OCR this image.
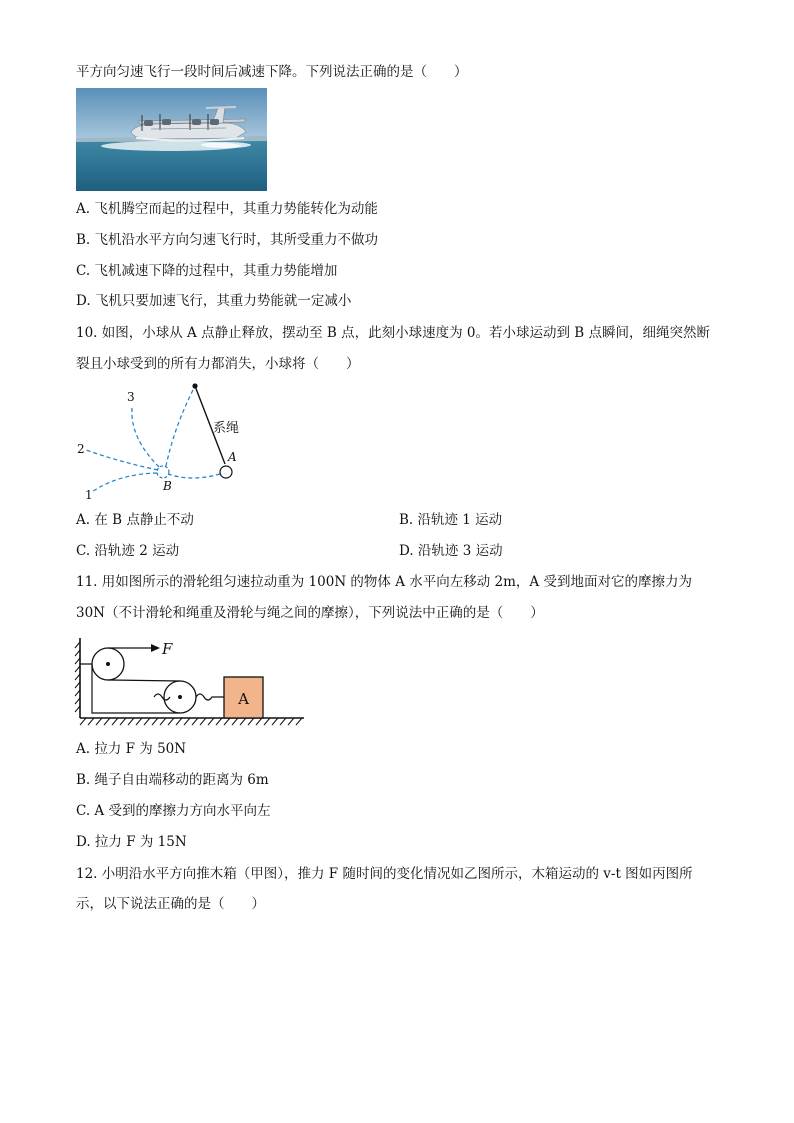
平方向匀速飞行一段时间后减速下降。下列说法正确的是（　　）
A. 飞机腾空而起的过程中，其重力势能转化为动能
B. 飞机沿水平方向匀速飞行时，其所受重力不做功
C. 飞机减速下降的过程中，其重力势能增加
D. 飞机只要加速飞行，其重力势能就一定减小
10. 如图，小球从 A 点静止释放，摆动至 B 点，此刻小球速度为 0。若小球运动到 B 点瞬间，细绳突然断
裂且小球受到的所有力都消失，小球将（　　）
系绳
A
B
3
2
1
A. 在 B 点静止不动	B. 沿轨迹 1 运动
C. 沿轨迹 2 运动	D. 沿轨迹 3 运动
11. 用如图所示的滑轮组匀速拉动重为 100N 的物体 A 水平向左移动 2m，A 受到地面对它的摩擦力为
30N（不计滑轮和绳重及滑轮与绳之间的摩擦），下列说法中正确的是（　　）
F
A
A. 拉力 F 为 50N
B. 绳子自由端移动的距离为 6m
C. A 受到的摩擦力方向水平向左
D. 拉力 F 为 15N
12. 小明沿水平方向推木箱（甲图），推力 F 随时间的变化情况如乙图所示，木箱运动的 v-t 图如丙图所
示，以下说法正确的是（　　）
